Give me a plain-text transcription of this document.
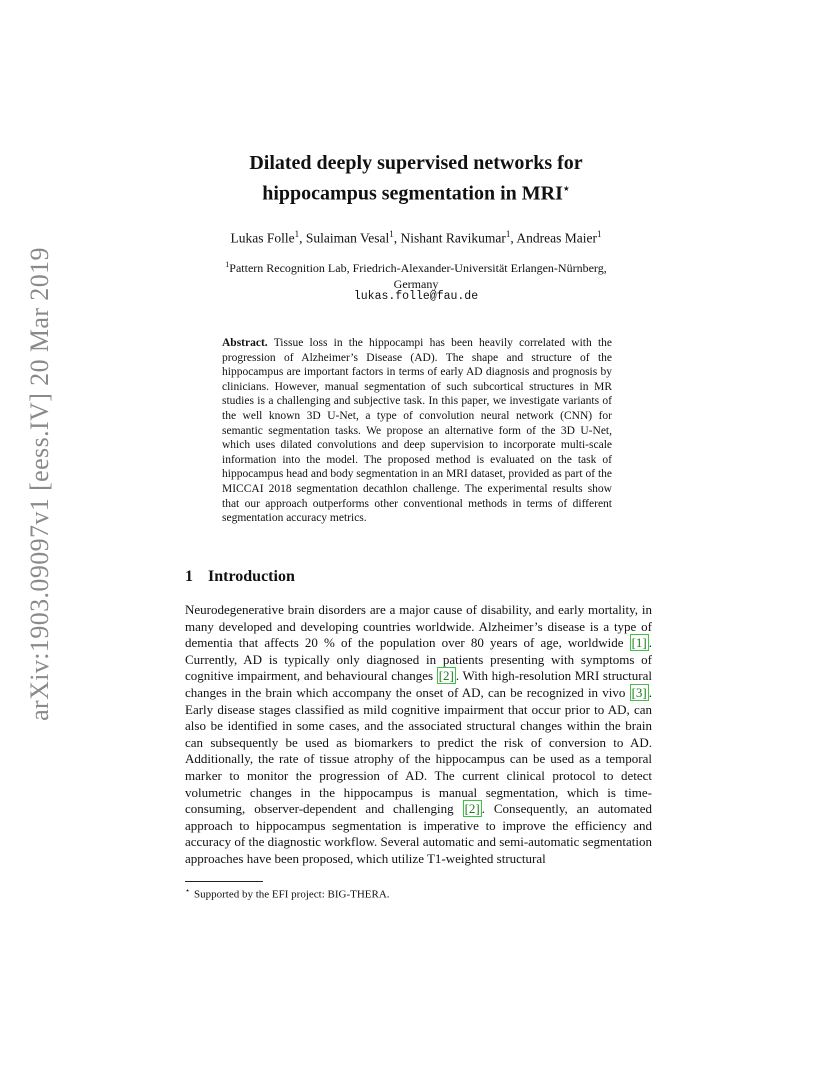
arXiv:1903.09097v1 [eess.IV] 20 Mar 2019
Dilated deeply supervised networks for
hippocampus segmentation in MRI⋆
Lukas Folle$^1$, Sulaiman Vesal$^1$, Nishant Ravikumar$^1$, Andreas Maier$^1$
$^1$Pattern Recognition Lab, Friedrich-Alexander-Universität Erlangen-Nürnberg,
Germany
lukas.folle@fau.de
Abstract. Tissue loss in the hippocampi has been heavily correlated with the progression of Alzheimer’s Disease (AD). The shape and structure of the hippocampus are important factors in terms of early AD diagnosis and prognosis by clinicians. However, manual segmentation of such subcortical structures in MR studies is a challenging and subjective task. In this paper, we investigate variants of the well known 3D U-Net, a type of convolution neural network (CNN) for semantic segmentation tasks. We propose an alternative form of the 3D U-Net, which uses dilated convolutions and deep supervision to incorporate multi-scale information into the model. The proposed method is evaluated on the task of hippocampus head and body segmentation in an MRI dataset, provided as part of the MICCAI 2018 segmentation decathlon challenge. The experimental results show that our approach outperforms other conventional methods in terms of different segmentation accuracy metrics.
1 Introduction

Neurodegenerative brain disorders are a major cause of disability, and early mortality, in many developed and developing countries worldwide. Alzheimer’s disease is a type of dementia that affects 20 % of the population over 80 years of age, worldwide [1] . Currently, AD is typically only diagnosed in patients presenting with symptoms of cognitive impairment, and behavioural changes [2] . With high-resolution MRI structural changes in the brain which accompany the onset of AD, can be recognized in vivo [3] . Early disease stages classified as mild cognitive impairment that occur prior to AD, can also be identified in some cases, and the associated structural changes within the brain can subsequently be used as biomarkers to predict the risk of conversion to AD. Additionally, the rate of tissue atrophy of the hippocampus can be used as a temporal marker to monitor the progression of AD. The current clinical protocol to detect volumetric changes in the hippocampus is manual segmentation, which is time-consuming, observer-dependent and challenging [2] . Consequently, an automated approach to hippocampus segmentation is imperative to improve the efficiency and accuracy of the diagnostic workflow. Several automatic and semi-automatic segmentation approaches have been proposed, which utilize T1-weighted structural

⋆ Supported by the EFI project: BIG-THERA.
